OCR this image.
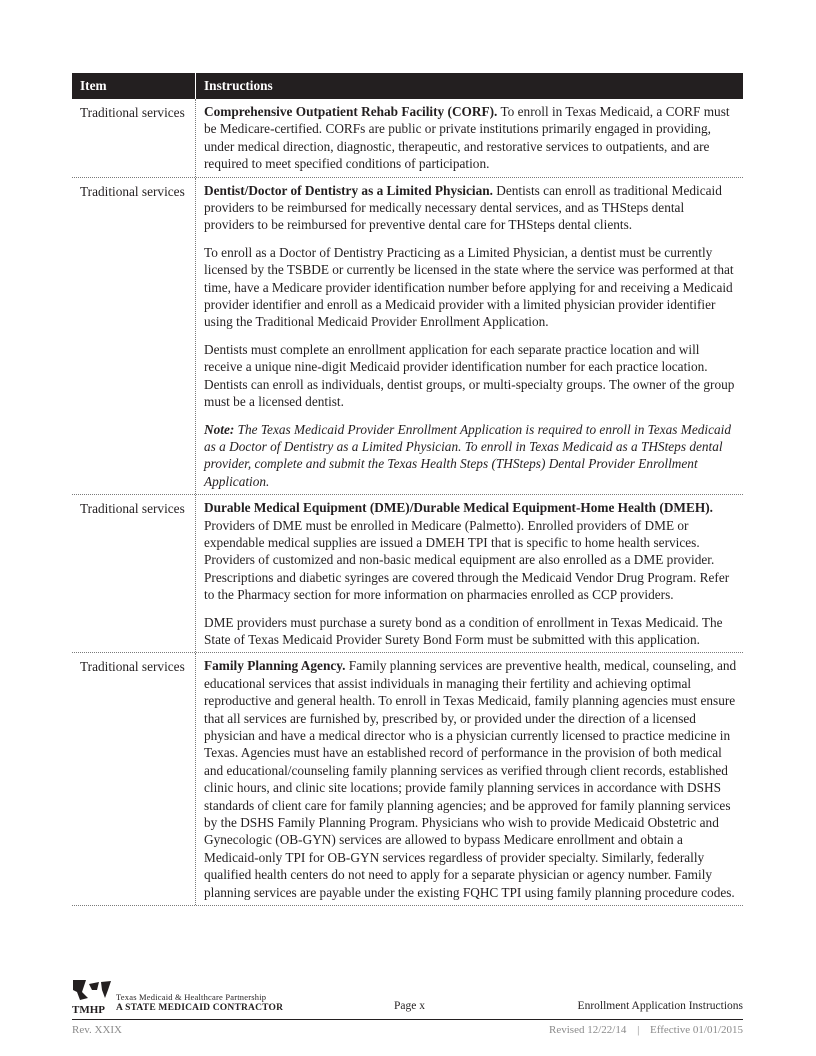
Item	Instructions
Traditional services	Comprehensive Outpatient Rehab Facility (CORF). To enroll in Texas Medicaid, a CORF must be Medicare-certified. CORFs are public or private institutions primarily engaged in providing, under medical direction, diagnostic, therapeutic, and restorative services to outpatients, and are required to meet specified conditions of participation.

Traditional services	Dentist/Doctor of Dentistry as a Limited Physician. Dentists can enroll as traditional Medicaid providers to be reimbursed for medically necessary dental services, and as THSteps dental providers to be reimbursed for preventive dental care for THSteps dental clients.

To enroll as a Doctor of Dentistry Practicing as a Limited Physician, a dentist must be currently licensed by the TSBDE or currently be licensed in the state where the service was performed at that time, have a Medicare provider identification number before applying for and receiving a Medicaid provider identifier and enroll as a Medicaid provider with a limited physician provider identifier using the Traditional Medicaid Provider Enrollment Application.

Dentists must complete an enrollment application for each separate practice location and will receive a unique nine-digit Medicaid provider identification number for each practice location. Dentists can enroll as individuals, dentist groups, or multi-specialty groups. The owner of the group must be a licensed dentist.

Note: The Texas Medicaid Provider Enrollment Application is required to enroll in Texas Medicaid as a Doctor of Dentistry as a Limited Physician. To enroll in Texas Medicaid as a THSteps dental provider, complete and submit the Texas Health Steps (THSteps) Dental Provider Enrollment Application.

Traditional services	Durable Medical Equipment (DME)/Durable Medical Equipment-Home Health (DMEH). Providers of DME must be enrolled in Medicare (Palmetto). Enrolled providers of DME or expendable medical supplies are issued a DMEH TPI that is specific to home health services. Providers of customized and non-basic medical equipment are also enrolled as a DME provider. Prescriptions and diabetic syringes are covered through the Medicaid Vendor Drug Program. Refer to the Pharmacy section for more information on pharmacies enrolled as CCP providers.

DME providers must purchase a surety bond as a condition of enrollment in Texas Medicaid. The State of Texas Medicaid Provider Surety Bond Form must be submitted with this application.

Traditional services	Family Planning Agency. Family planning services are preventive health, medical, counseling, and educational services that assist individuals in managing their fertility and achieving optimal reproductive and general health. To enroll in Texas Medicaid, family planning agencies must ensure that all services are furnished by, prescribed by, or provided under the direction of a licensed physician and have a medical director who is a physician currently licensed to practice medicine in Texas. Agencies must have an established record of performance in the provision of both medical and educational/counseling family planning services as verified through client records, established clinic hours, and clinic site locations; provide family planning services in accordance with DSHS standards of client care for family planning agencies; and be approved for family planning services by the DSHS Family Planning Program. Physicians who wish to provide Medicaid Obstetric and Gynecologic (OB-GYN) services are allowed to bypass Medicare enrollment and obtain a Medicaid-only TPI for OB-GYN services regardless of provider specialty. Similarly, federally qualified health centers do not need to apply for a separate physician or agency number. Family planning services are payable under the existing FQHC TPI using family planning procedure codes.

TMHP
Texas Medicaid & Healthcare Partnership
A STATE MEDICAID CONTRACTOR	Page x	Enrollment Application Instructions
Rev. XXIX	Revised 12/22/14 | Effective 01/01/2015
